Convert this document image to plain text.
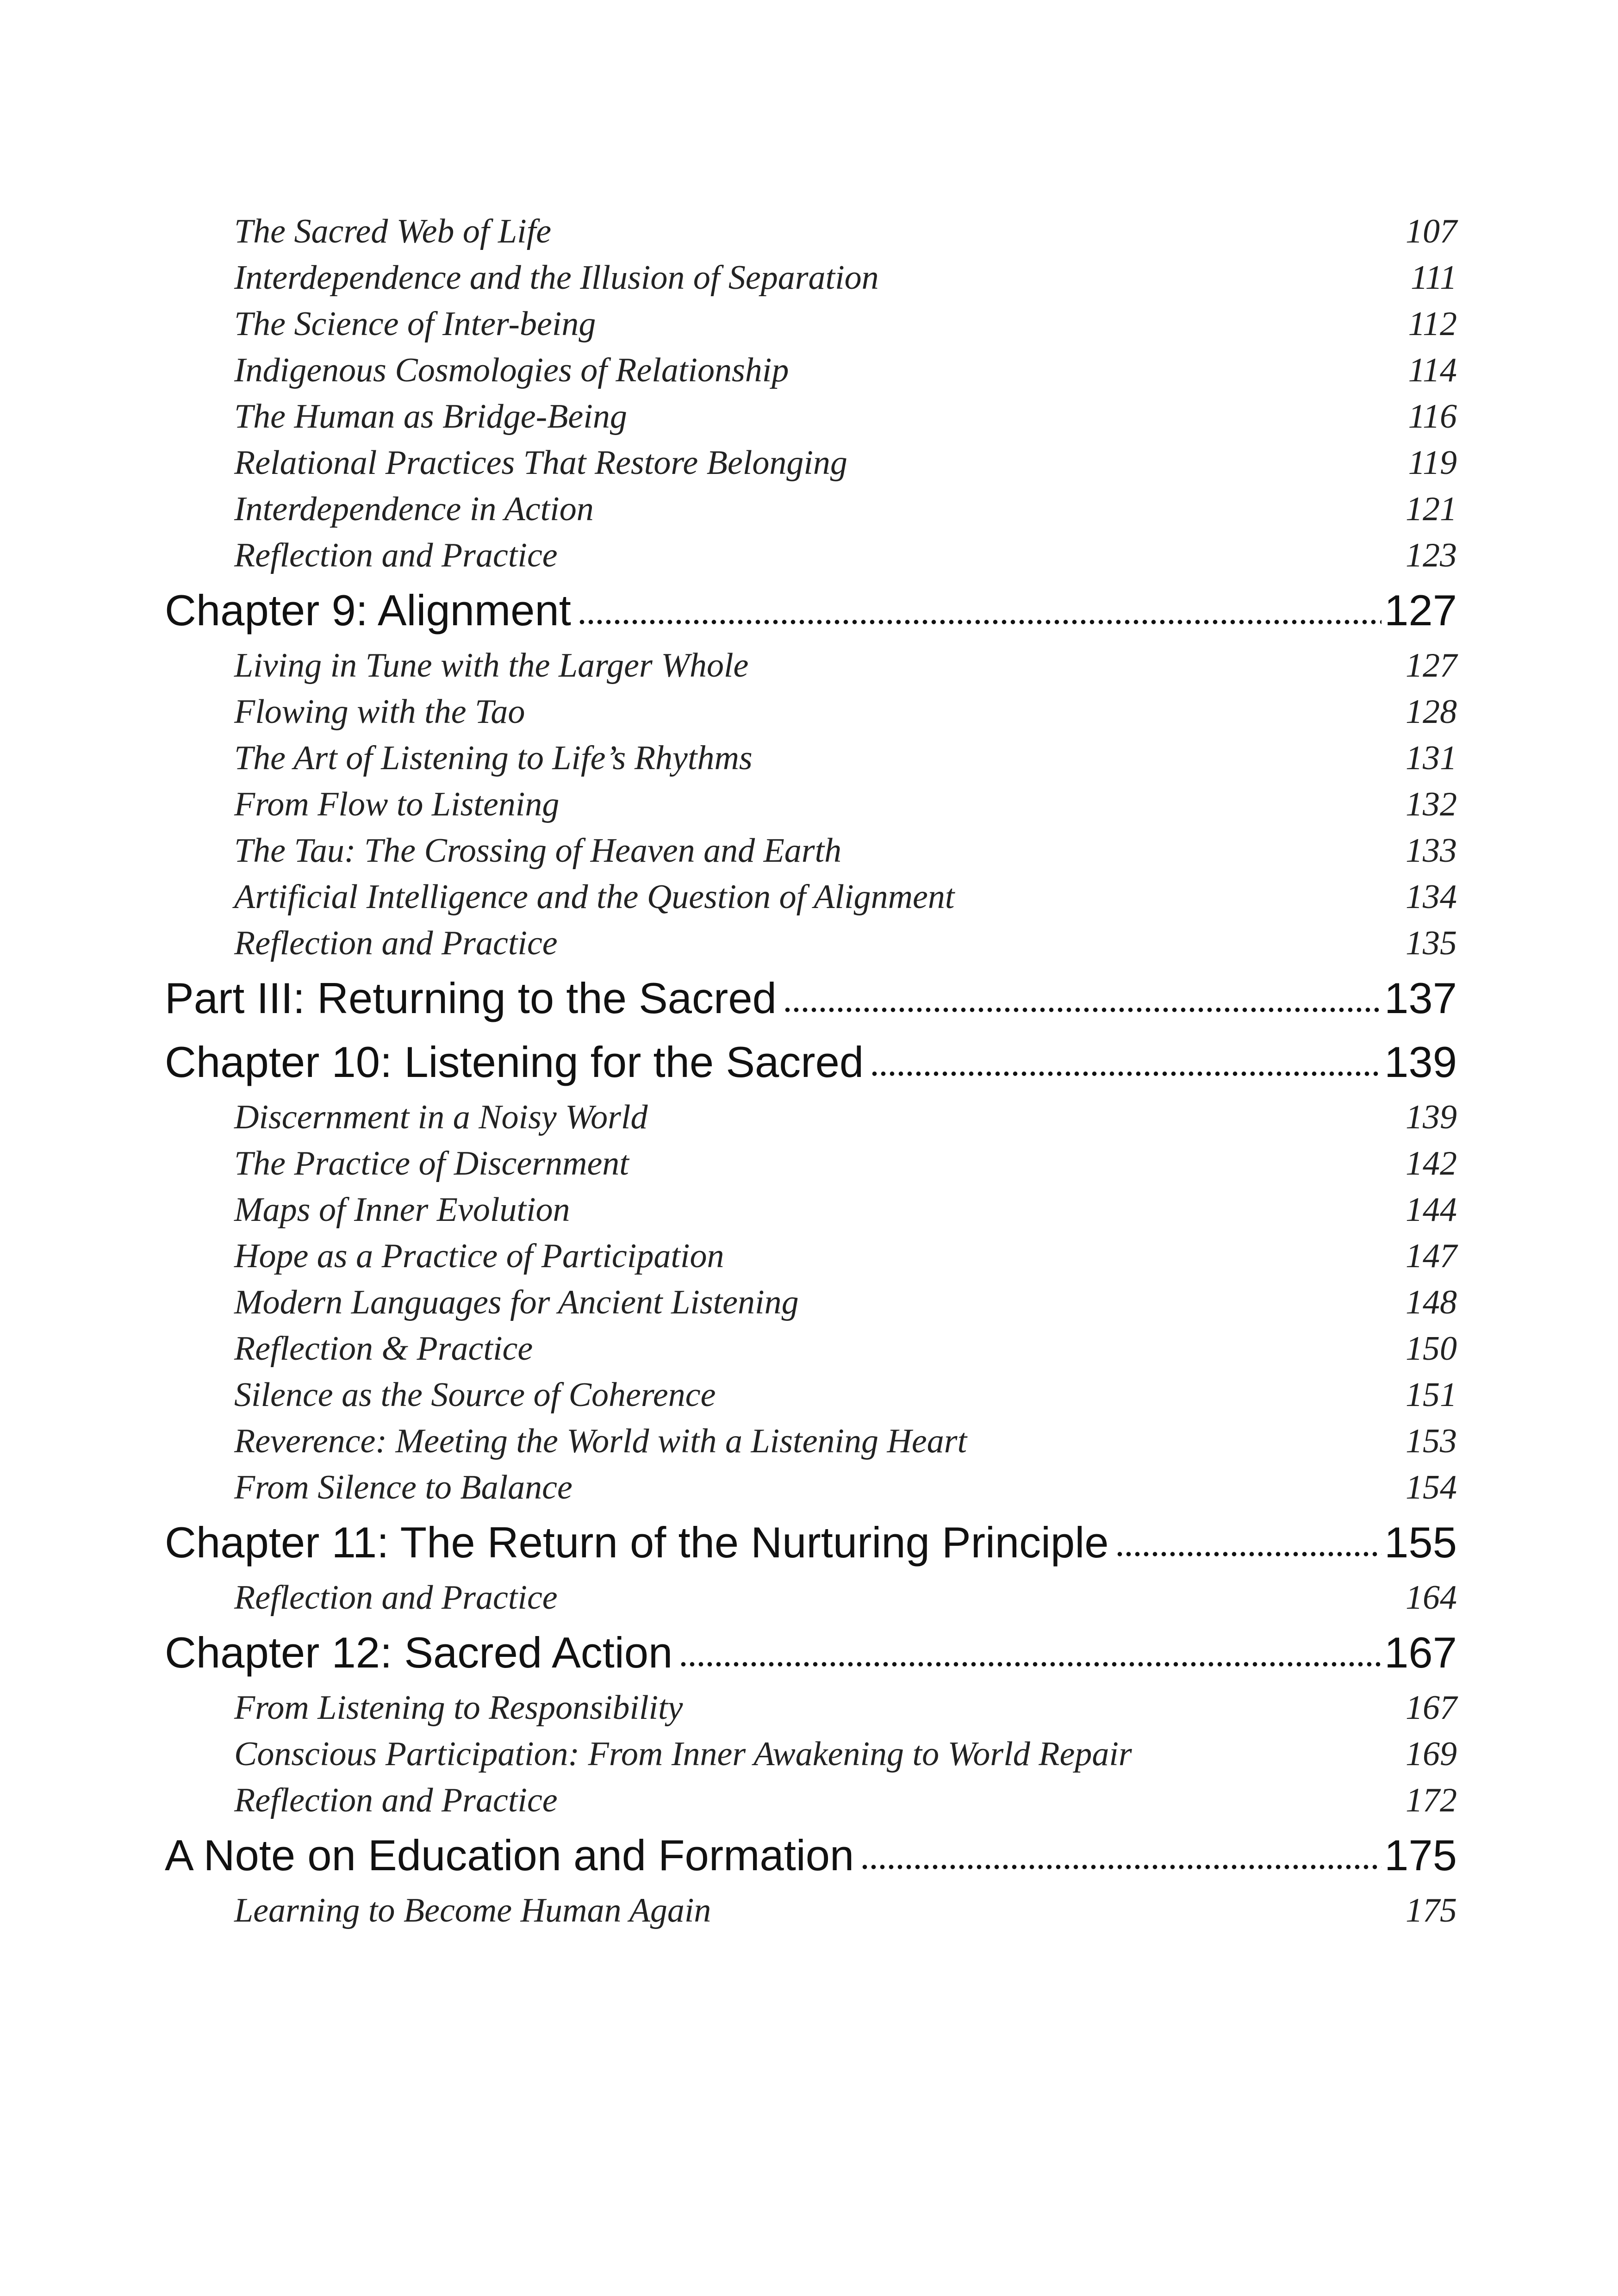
The Sacred Web of Life	107
Interdependence and the Illusion of Separation	111
The Science of Inter-being	112
Indigenous Cosmologies of Relationship	114
The Human as Bridge-Being	116
Relational Practices That Restore Belonging	119
Interdependence in Action	121
Reflection and Practice	123
Chapter 9: Alignment	127
Living in Tune with the Larger Whole	127
Flowing with the Tao	128
The Art of Listening to Life’s Rhythms	131
From Flow to Listening	132
The Tau: The Crossing of Heaven and Earth	133
Artificial Intelligence and the Question of Alignment	134
Reflection and Practice	135
Part III: Returning to the Sacred	137
Chapter 10: Listening for the Sacred	139
Discernment in a Noisy World	139
The Practice of Discernment	142
Maps of Inner Evolution	144
Hope as a Practice of Participation	147
Modern Languages for Ancient Listening	148
Reflection & Practice	150
Silence as the Source of Coherence	151
Reverence: Meeting the World with a Listening Heart	153
From Silence to Balance	154
Chapter 11: The Return of the Nurturing Principle	155
Reflection and Practice	164
Chapter 12: Sacred Action	167
From Listening to Responsibility	167
Conscious Participation: From Inner Awakening to World Repair	169
Reflection and Practice	172
A Note on Education and Formation	175
Learning to Become Human Again	175
